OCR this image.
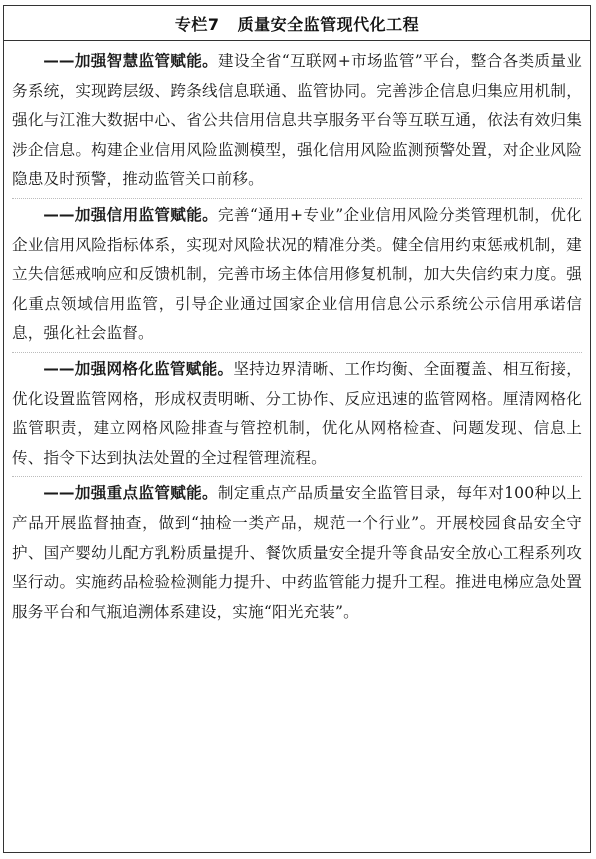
专栏7 质量安全监管现代化工程

——加强智慧监管赋能。建设全省“互联网+市场监管”平台，整合各类质量业务系统，实现跨层级、跨条线信息联通、监管协同。完善涉企信息归集应用机制，强化与江淮大数据中心、省公共信用信息共享服务平台等互联互通，依法有效归集涉企信息。构建企业信用风险监测模型，强化信用风险监测预警处置，对企业风险隐患及时预警，推动监管关口前移。

——加强信用监管赋能。完善“通用+专业”企业信用风险分类管理机制，优化企业信用风险指标体系，实现对风险状况的精准分类。健全信用约束惩戒机制，建立失信惩戒响应和反馈机制，完善市场主体信用修复机制，加大失信约束力度。强化重点领域信用监管，引导企业通过国家企业信用信息公示系统公示信用承诺信息，强化社会监督。

——加强网格化监管赋能。坚持边界清晰、工作均衡、全面覆盖、相互衔接，优化设置监管网格，形成权责明晰、分工协作、反应迅速的监管网格。厘清网格化监管职责，建立网格风险排查与管控机制，优化从网格检查、问题发现、信息上传、指令下达到执法处置的全过程管理流程。

——加强重点监管赋能。制定重点产品质量安全监管目录，每年对100种以上产品开展监督抽查，做到“抽检一类产品，规范一个行业”。开展校园食品安全守护、国产婴幼儿配方乳粉质量提升、餐饮质量安全提升等食品安全放心工程系列攻坚行动。实施药品检验检测能力提升、中药监管能力提升工程。推进电梯应急处置服务平台和气瓶追溯体系建设，实施“阳光充装”。
